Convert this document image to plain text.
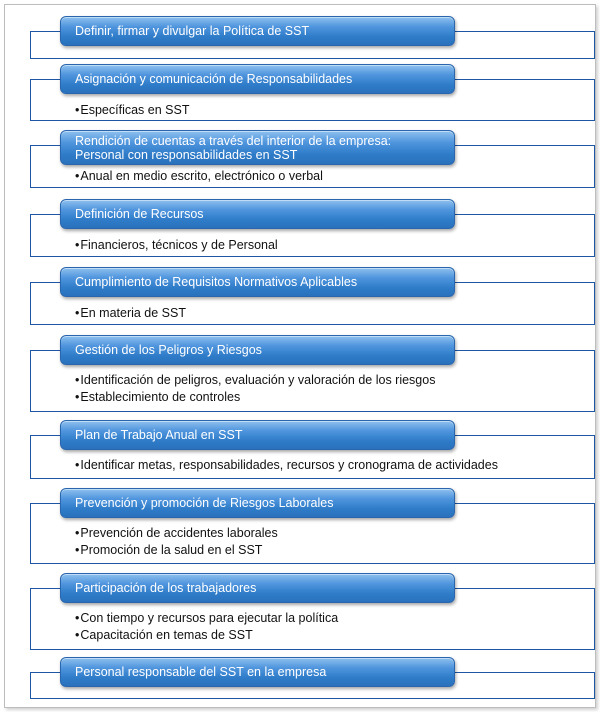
Definir, firmar y divulgar la Política de SST
•Específicas en SST
Asignación y comunicación de Responsabilidades
•Anual en medio escrito, electrónico o verbal
Rendición de cuentas a través del interior de la empresa: Personal con responsabilidades en SST
•Financieros, técnicos y de Personal
Definición de Recursos
•En materia de SST
Cumplimiento de Requisitos Normativos Aplicables
•Identificación de peligros, evaluación y valoración de los riesgos
•Establecimiento de controles
Gestión de los Peligros y Riesgos
•Identificar metas, responsabilidades, recursos y cronograma de actividades
Plan de Trabajo Anual en SST
•Prevención de accidentes laborales
•Promoción de la salud en el SST
Prevención y promoción de Riesgos Laborales
•Con tiempo y recursos para ejecutar la política
•Capacitación en temas de SST
Participación de los trabajadores
Personal responsable del SST en la empresa
